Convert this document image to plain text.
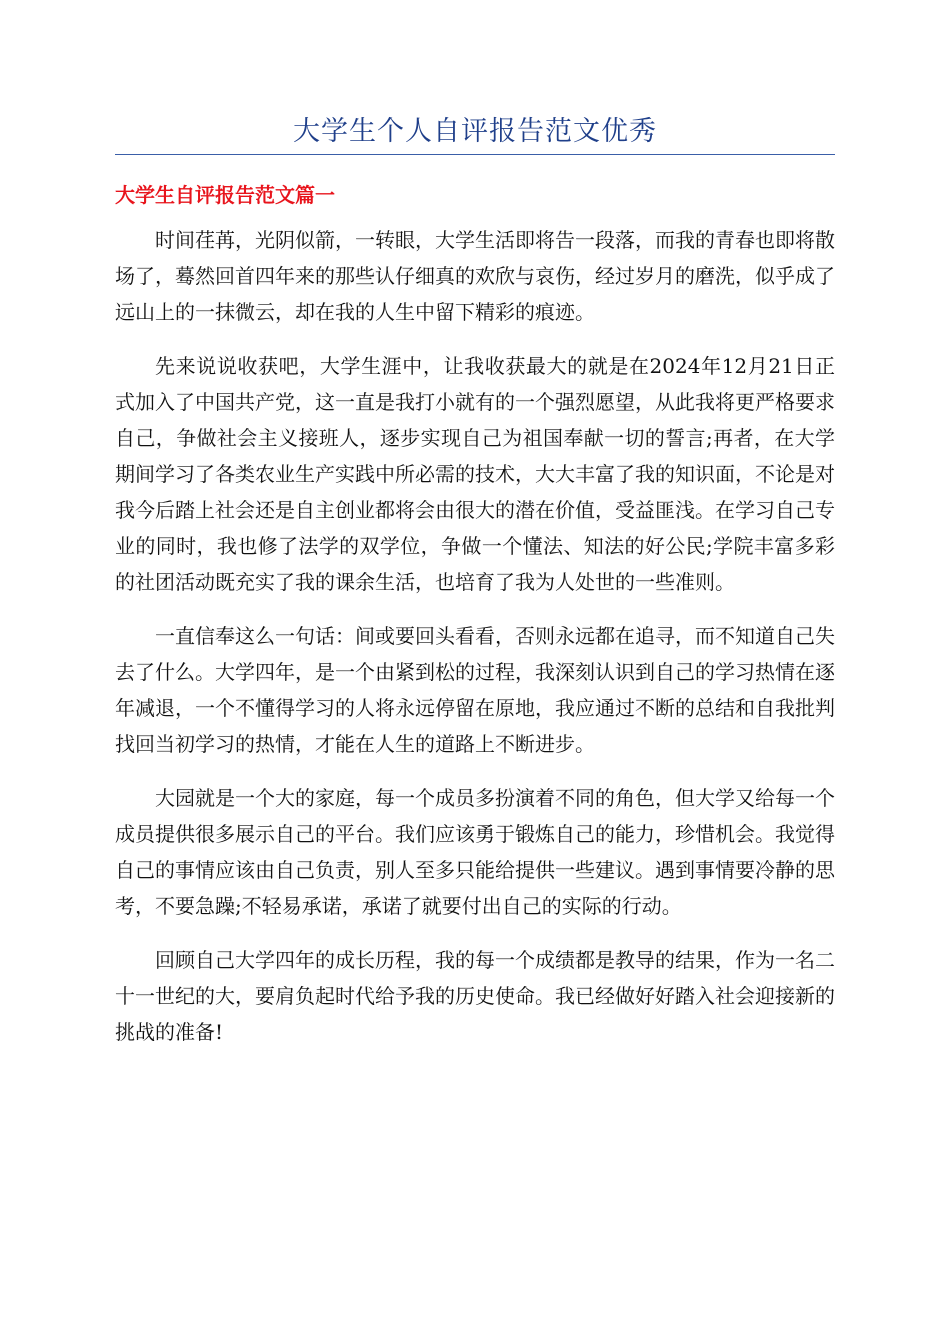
大学生个人自评报告范文优秀
大学生自评报告范文篇一

时间荏苒，光阴似箭，一转眼，大学生活即将告一段落，而我的青春也即将散场了，蓦然回首四年来的那些认仔细真的欢欣与哀伤，经过岁月的磨洗，似乎成了远山上的一抹微云，却在我的人生中留下精彩的痕迹。

先来说说收获吧，大学生涯中，让我收获最大的就是在2024年12月21日正式加入了中国共产党，这一直是我打小就有的一个强烈愿望，从此我将更严格要求自己，争做社会主义接班人，逐步实现自己为祖国奉献一切的誓言;再者，在大学期间学习了各类农业生产实践中所必需的技术，大大丰富了我的知识面，不论是对我今后踏上社会还是自主创业都将会由很大的潜在价值，受益匪浅。在学习自己专业的同时，我也修了法学的双学位，争做一个懂法、知法的好公民;学院丰富多彩的社团活动既充实了我的课余生活，也培育了我为人处世的一些准则。

一直信奉这么一句话：间或要回头看看，否则永远都在追寻，而不知道自己失去了什么。大学四年，是一个由紧到松的过程，我深刻认识到自己的学习热情在逐年减退，一个不懂得学习的人将永远停留在原地，我应通过不断的总结和自我批判找回当初学习的热情，才能在人生的道路上不断进步。

大园就是一个大的家庭，每一个成员多扮演着不同的角色，但大学又给每一个成员提供很多展示自己的平台。我们应该勇于锻炼自己的能力，珍惜机会。我觉得自己的事情应该由自己负责，别人至多只能给提供一些建议。遇到事情要冷静的思考，不要急躁;不轻易承诺，承诺了就要付出自己的实际的行动。

回顾自己大学四年的成长历程，我的每一个成绩都是教导的结果，作为一名二十一世纪的大，要肩负起时代给予我的历史使命。我已经做好好踏入社会迎接新的挑战的准备!
